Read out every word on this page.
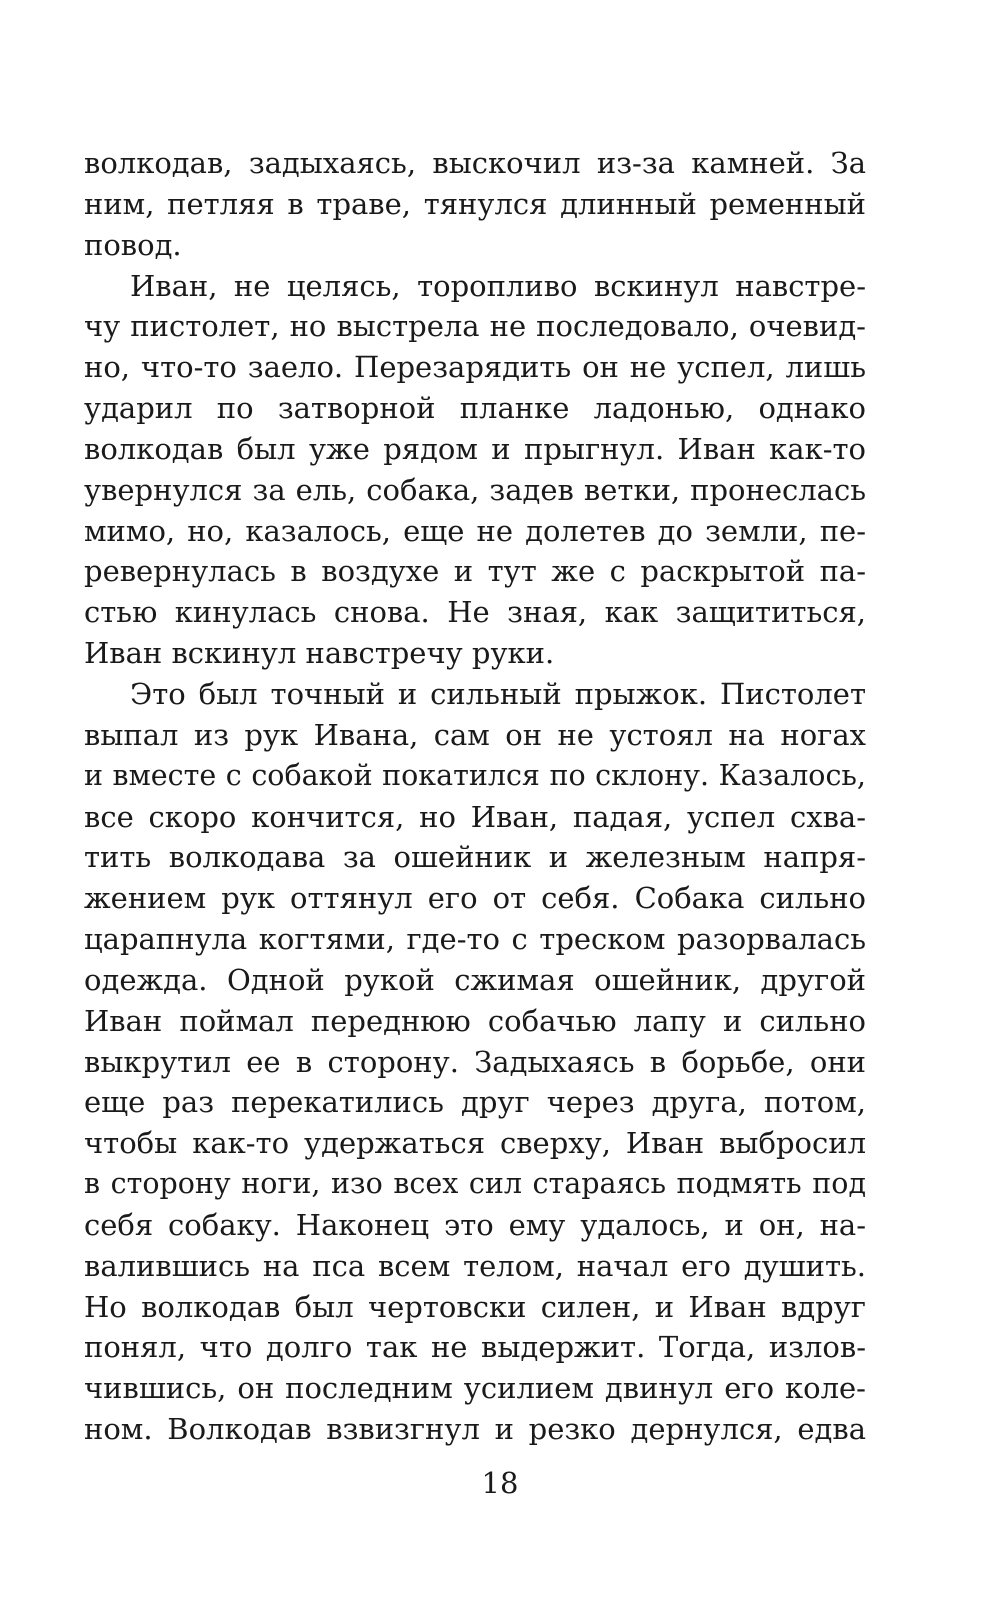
волкодав, задыхаясь, выскочил из-за камней. За
ним, петляя в траве, тянулся длинный ременный
повод.
Иван, не целясь, торопливо вскинул навстре-
чу пистолет, но выстрела не последовало, очевид-
но, что-то заело. Перезарядить он не успел, лишь
ударил по затворной планке ладонью, однако
волкодав был уже рядом и прыгнул. Иван как-то
увернулся за ель, собака, задев ветки, пронеслась
мимо, но, казалось, еще не долетев до земли, пе-
ревернулась в воздухе и тут же с раскрытой па-
стью кинулась снова. Не зная, как защититься,
Иван вскинул навстречу руки.
Это был точный и сильный прыжок. Пистолет
выпал из рук Ивана, сам он не устоял на ногах
и вместе с собакой покатился по склону. Казалось,
все скоро кончится, но Иван, падая, успел схва-
тить волкодава за ошейник и железным напря-
жением рук оттянул его от себя. Собака сильно
царапнула когтями, где-то с треском разорвалась
одежда. Одной рукой сжимая ошейник, другой
Иван поймал переднюю собачью лапу и сильно
выкрутил ее в сторону. Задыхаясь в борьбе, они
еще раз перекатились друг через друга, потом,
чтобы как-то удержаться сверху, Иван выбросил
в сторону ноги, изо всех сил стараясь подмять под
себя собаку. Наконец это ему удалось, и он, на-
валившись на пса всем телом, начал его душить.
Но волкодав был чертовски силен, и Иван вдруг
понял, что долго так не выдержит. Тогда, излов-
чившись, он последним усилием двинул его коле-
ном. Волкодав взвизгнул и резко дернулся, едва
18
